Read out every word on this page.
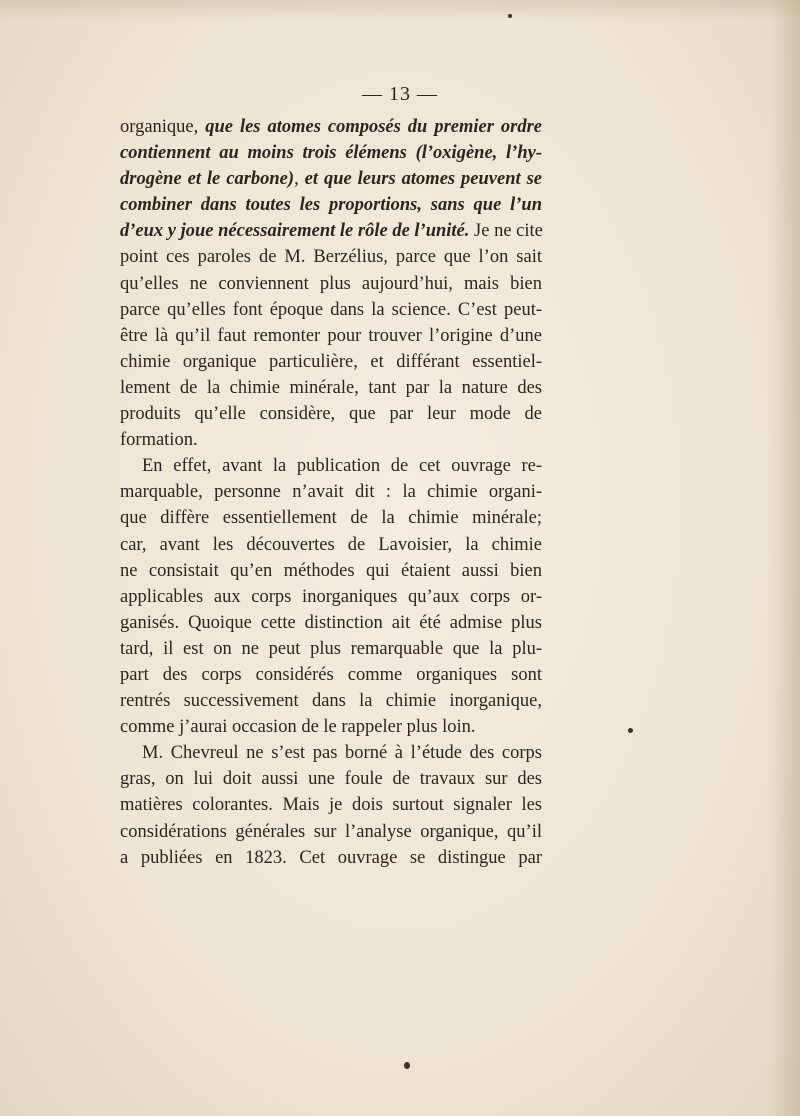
— 13 —
organique, que les atomes composés du premier ordre
contiennent au moins trois élémens (l’oxigène, l’hy-
drogène et le carbone), et que leurs atomes peuvent se
combiner dans toutes les proportions, sans que l’un
d’eux y joue nécessairement le rôle de l’unité. Je ne cite
point ces paroles de M. Berzélius, parce que l’on sait
qu’elles ne conviennent plus aujourd’hui, mais bien
parce qu’elles font époque dans la science. C’est peut-
être là qu’il faut remonter pour trouver l’origine d’une
chimie organique particulière, et différant essentiel-
lement de la chimie minérale, tant par la nature des
produits qu’elle considère, que par leur mode de
formation.
En effet, avant la publication de cet ouvrage re-
marquable, personne n’avait dit : la chimie organi-
que diffère essentiellement de la chimie minérale;
car, avant les découvertes de Lavoisier, la chimie
ne consistait qu’en méthodes qui étaient aussi bien
applicables aux corps inorganiques qu’aux corps or-
ganisés. Quoique cette distinction ait été admise plus
tard, il est on ne peut plus remarquable que la plu-
part des corps considérés comme organiques sont
rentrés successivement dans la chimie inorganique,
comme j’aurai occasion de le rappeler plus loin.
M. Chevreul ne s’est pas borné à l’étude des corps
gras, on lui doit aussi une foule de travaux sur des
matières colorantes. Mais je dois surtout signaler les
considérations générales sur l’analyse organique, qu’il
a publiées en 1823. Cet ouvrage se distingue par
